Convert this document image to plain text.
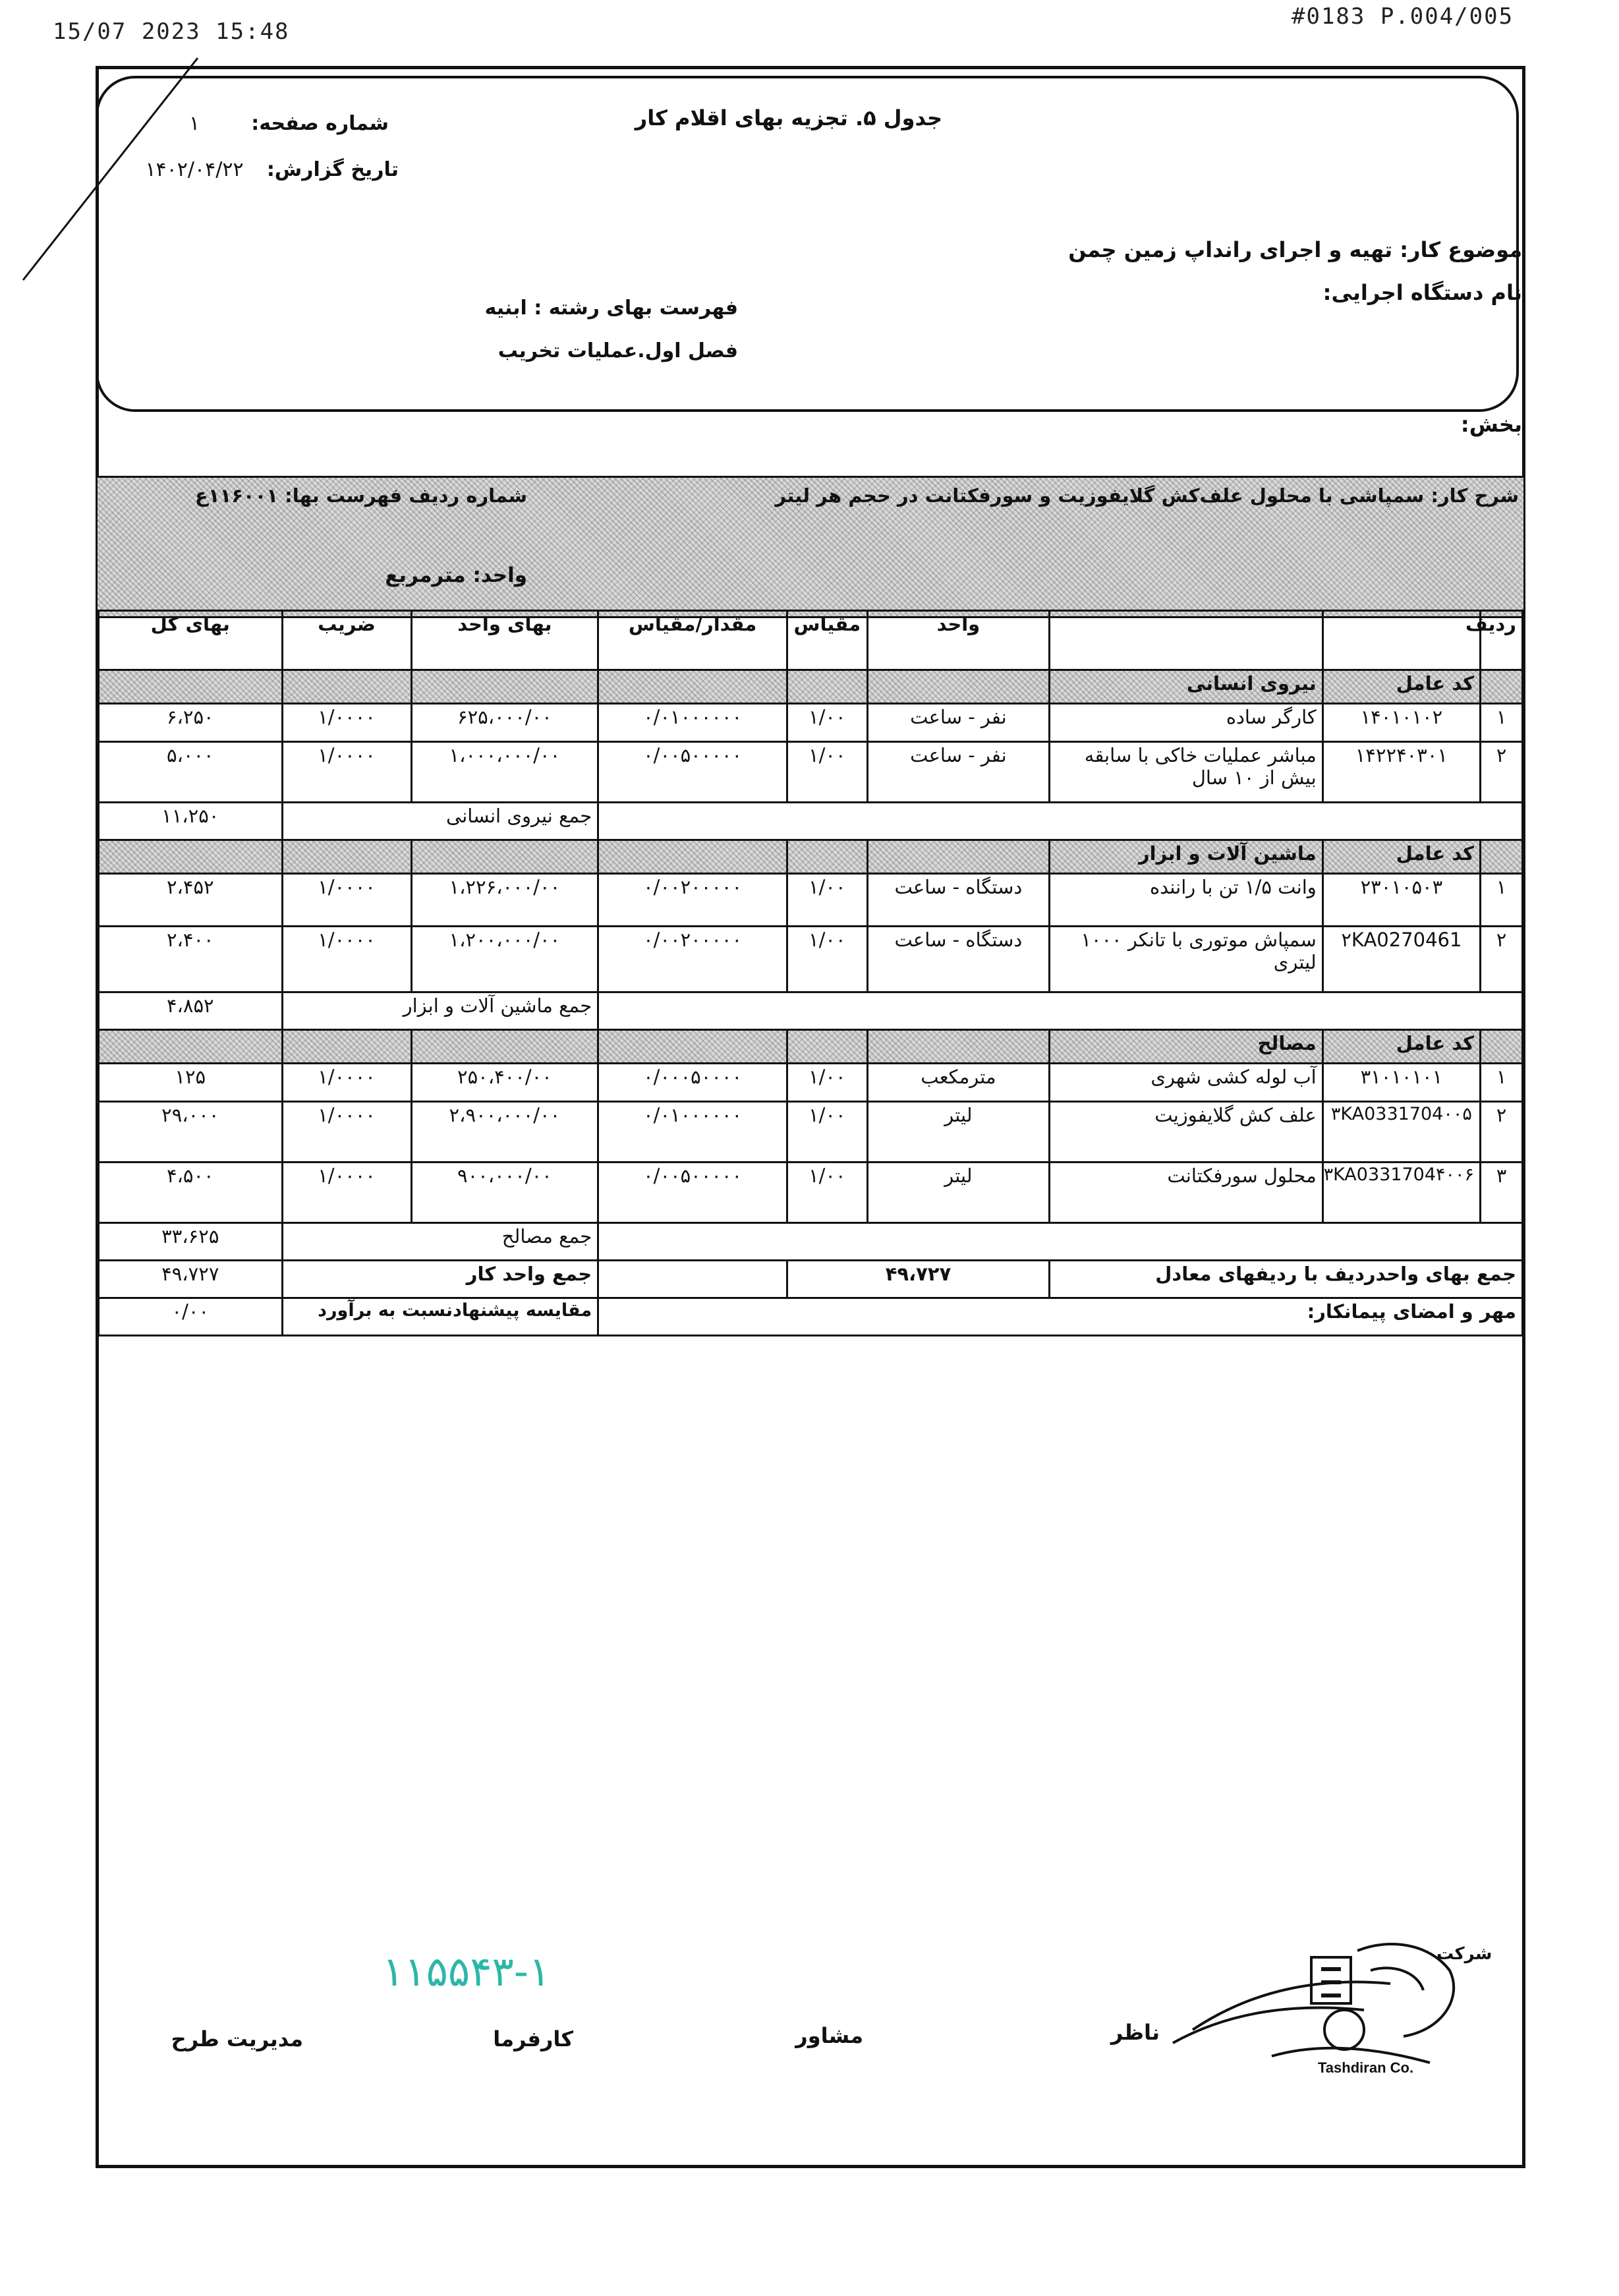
15/07 2023 15:48
#0183 P.004/005
جدول ۵. تجزیه بهای اقلام کار
شماره صفحه:
۱
تاریخ گزارش:
۱۴۰۲/۰۴/۲۲
موضوع کار: تهیه و اجرای رانداپ زمین چمن
نام دستگاه اجرایی:
فهرست بهای رشته : ابنیه
فصل اول.عملیات تخریب
بخش:
شرح کار: سمپاشی با محلول علف‌کش گلایفوزیت و سورفکتانت در حجم هر لیتر
شماره ردیف فهرست بها: ۱۱۶۰۰۱ع
واحد: مترمربع
ردیف			واحد	مقیاس	مقدار/مقیاس	بهای واحد	ضریب	بهای کل
	کد عامل	نیروی انسانی						
۱	۱۴۰۱۰۱۰۲	کارگر ساده	نفر - ساعت	۱/۰۰	۰/۰۱۰۰۰۰۰۰	۶۲۵،۰۰۰/۰۰	۱/۰۰۰۰	۶،۲۵۰
۲	۱۴۲۲۴۰۳۰۱	مباشر عملیات خاکی با سابقه بیش از ۱۰ سال	نفر - ساعت	۱/۰۰	۰/۰۰۵۰۰۰۰۰	۱،۰۰۰،۰۰۰/۰۰	۱/۰۰۰۰	۵،۰۰۰
						جمع نیروی انسانی		۱۱،۲۵۰
	کد عامل	ماشین آلات و ابزار						
۱	۲۳۰۱۰۵۰۳	وانت ۱/۵ تن با راننده	دستگاه - ساعت	۱/۰۰	۰/۰۰۲۰۰۰۰۰	۱،۲۲۶،۰۰۰/۰۰	۱/۰۰۰۰	۲،۴۵۲
۲	۲KA0270461	سمپاش موتوری با تانکر ۱۰۰۰ لیتری	دستگاه - ساعت	۱/۰۰	۰/۰۰۲۰۰۰۰۰	۱،۲۰۰،۰۰۰/۰۰	۱/۰۰۰۰	۲،۴۰۰
						جمع ماشین آلات و ابزار		۴،۸۵۲
	کد عامل	مصالح						
۱	۳۱۰۱۰۱۰۱	آب لوله کشی شهری	مترمکعب	۱/۰۰	۰/۰۰۰۵۰۰۰۰	۲۵۰،۴۰۰/۰۰	۱/۰۰۰۰	۱۲۵
۲	۳KA0331704۰۰۵	علف کش گلایفوزیت	لیتر	۱/۰۰	۰/۰۱۰۰۰۰۰۰	۲،۹۰۰،۰۰۰/۰۰	۱/۰۰۰۰	۲۹،۰۰۰
۳	۳KA0331704۴۰۰۶	محلول سورفکتانت	لیتر	۱/۰۰	۰/۰۰۵۰۰۰۰۰	۹۰۰،۰۰۰/۰۰	۱/۰۰۰۰	۴،۵۰۰
						جمع مصالح		۳۳،۶۲۵
جمع بهای واحدردیف با ردیفهای معادل			۴۹،۷۲۷			جمع واحد کار		۴۹،۷۲۷
مهر و امضای پیمانکار:						مقایسه پیشنهادنسبت به برآورد		۰/۰۰
۱۱۵۵۴۳-۱
ناظر
مشاور
کارفرما
مدیریت طرح
شرکت
Tashdiran Co.
